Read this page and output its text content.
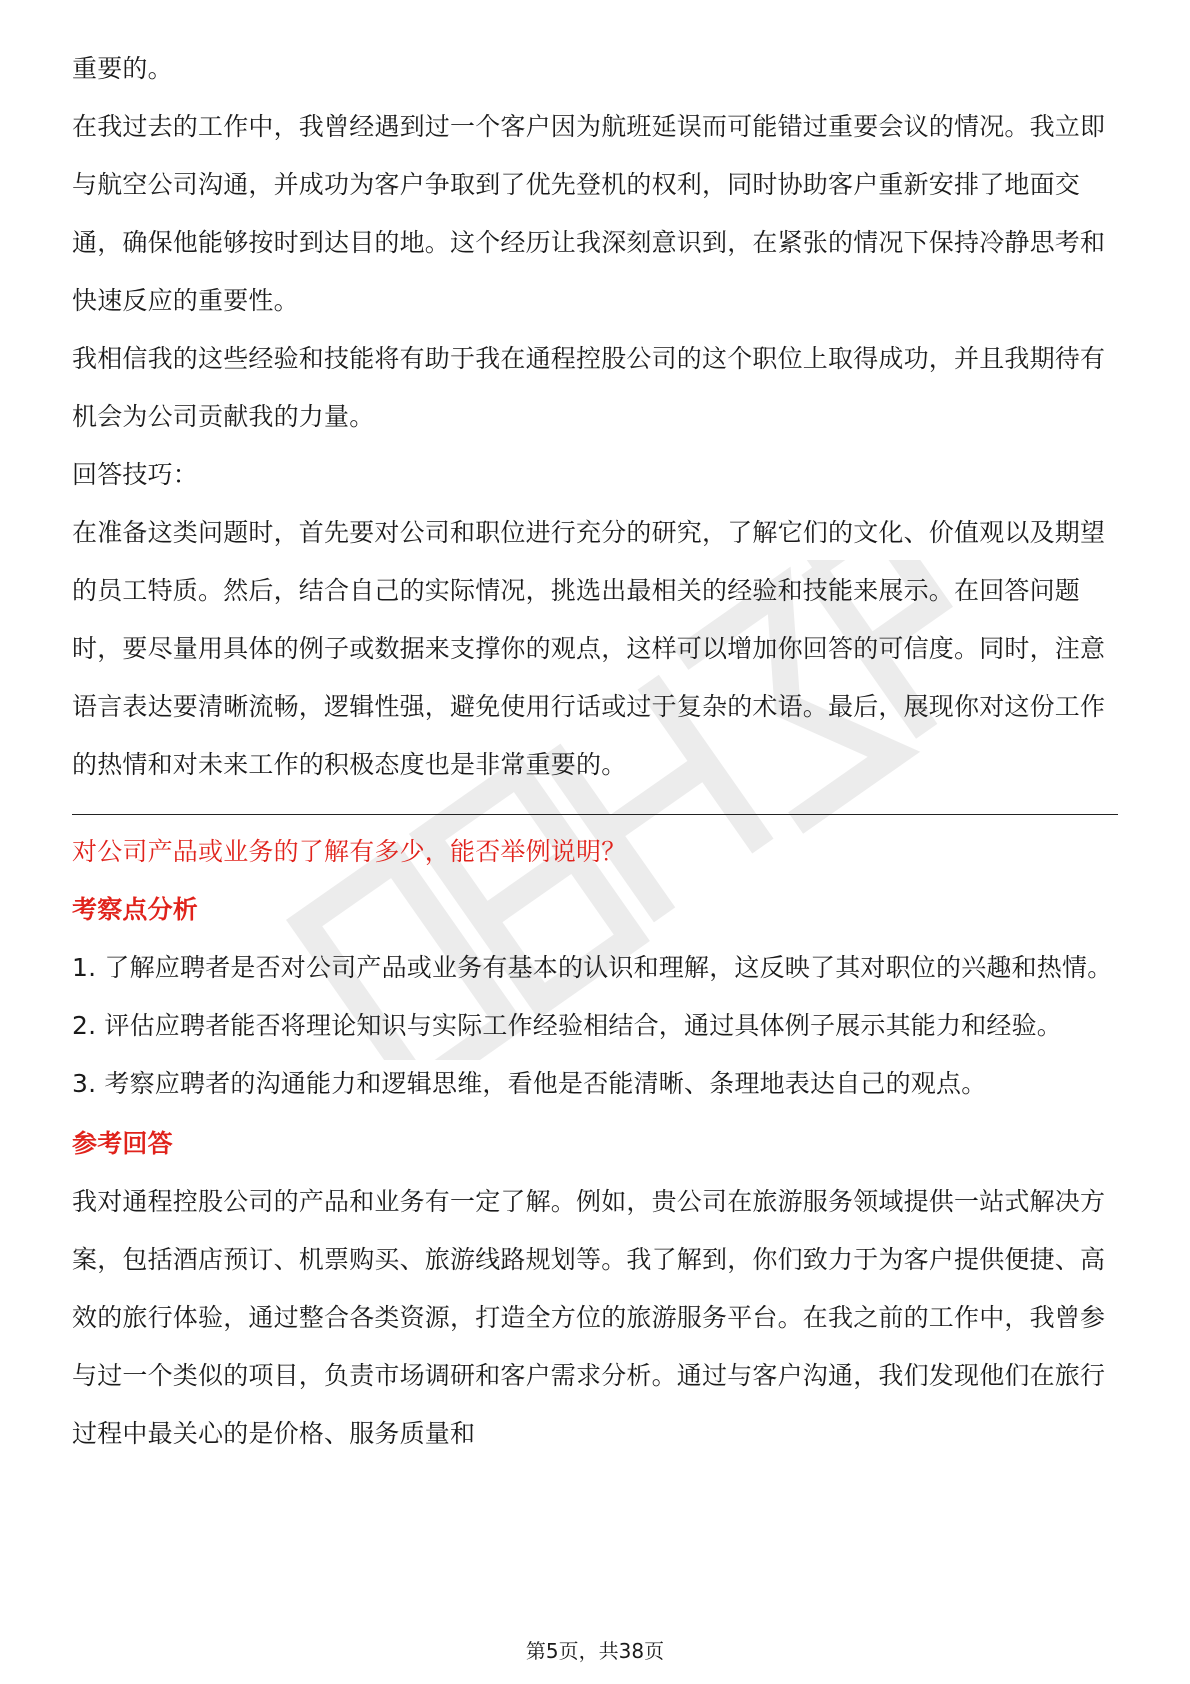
重要的。

在我过去的工作中，我曾经遇到过一个客户因为航班延误而可能错过重要会议的情况。我立即与航空公司沟通，并成功为客户争取到了优先登机的权利，同时协助客户重新安排了地面交通，确保他能够按时到达目的地。这个经历让我深刻意识到，在紧张的情况下保持冷静思考和快速反应的重要性。

我相信我的这些经验和技能将有助于我在通程控股公司的这个职位上取得成功，并且我期待有机会为公司贡献我的力量。

回答技巧：

在准备这类问题时，首先要对公司和职位进行充分的研究，了解它们的文化、价值观以及期望的员工特质。然后，结合自己的实际情况，挑选出最相关的经验和技能来展示。在回答问题时，要尽量用具体的例子或数据来支撑你的观点，这样可以增加你回答的可信度。同时，注意语言表达要清晰流畅，逻辑性强，避免使用行话或过于复杂的术语。最后，展现你对这份工作的热情和对未来工作的积极态度也是非常重要的。

对公司产品或业务的了解有多少，能否举例说明？

考察点分析

1. 了解应聘者是否对公司产品或业务有基本的认识和理解，这反映了其对职位的兴趣和热情。

2. 评估应聘者能否将理论知识与实际工作经验相结合，通过具体例子展示其能力和经验。

3. 考察应聘者的沟通能力和逻辑思维，看他是否能清晰、条理地表达自己的观点。

参考回答

我对通程控股公司的产品和业务有一定了解。例如，贵公司在旅游服务领域提供一站式解决方案，包括酒店预订、机票购买、旅游线路规划等。我了解到，你们致力于为客户提供便捷、高效的旅行体验，通过整合各类资源，打造全方位的旅游服务平台。在我之前的工作中，我曾参与过一个类似的项目，负责市场调研和客户需求分析。通过与客户沟通，我们发现他们在旅行过程中最关心的是价格、服务质量和

第5页，共38页
